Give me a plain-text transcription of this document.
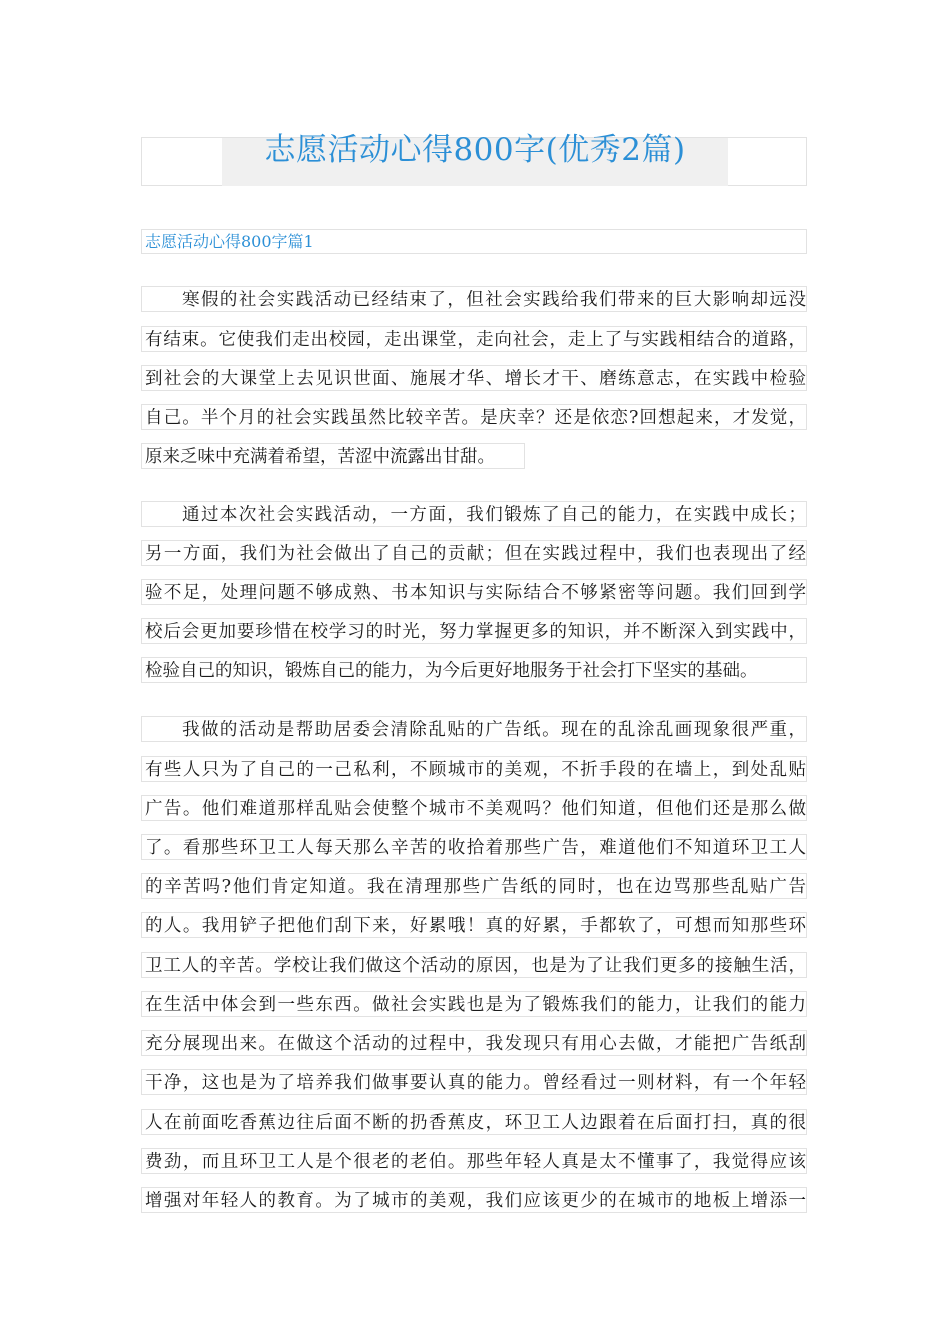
志愿活动心得800字(优秀2篇)
志愿活动心得800字篇1
寒假的社会实践活动已经结束了，但社会实践给我们带来的巨大影响却远没
有结束。它使我们走出校园，走出课堂，走向社会，走上了与实践相结合的道路，
到社会的大课堂上去见识世面、施展才华、增长才干、磨练意志，在实践中检验
自己。半个月的社会实践虽然比较辛苦。是庆幸？还是依恋?回想起来，才发觉，
原来乏味中充满着希望，苦涩中流露出甘甜。
通过本次社会实践活动，一方面，我们锻炼了自己的能力，在实践中成长；
另一方面，我们为社会做出了自己的贡献；但在实践过程中，我们也表现出了经
验不足，处理问题不够成熟、书本知识与实际结合不够紧密等问题。我们回到学
校后会更加要珍惜在校学习的时光，努力掌握更多的知识，并不断深入到实践中，
检验自己的知识，锻炼自己的能力，为今后更好地服务于社会打下坚实的基础。
我做的活动是帮助居委会清除乱贴的广告纸。现在的乱涂乱画现象很严重，
有些人只为了自己的一己私利，不顾城市的美观，不折手段的在墙上，到处乱贴
广告。他们难道那样乱贴会使整个城市不美观吗？他们知道，但他们还是那么做
了。看那些环卫工人每天那么辛苦的收拾着那些广告，难道他们不知道环卫工人
的辛苦吗?他们肯定知道。我在清理那些广告纸的同时，也在边骂那些乱贴广告
的人。我用铲子把他们刮下来，好累哦！真的好累，手都软了，可想而知那些环
卫工人的辛苦。学校让我们做这个活动的原因，也是为了让我们更多的接触生活，
在生活中体会到一些东西。做社会实践也是为了锻炼我们的能力，让我们的能力
充分展现出来。在做这个活动的过程中，我发现只有用心去做，才能把广告纸刮
干净，这也是为了培养我们做事要认真的能力。曾经看过一则材料，有一个年轻
人在前面吃香蕉边往后面不断的扔香蕉皮，环卫工人边跟着在后面打扫，真的很
费劲，而且环卫工人是个很老的老伯。那些年轻人真是太不懂事了，我觉得应该
增强对年轻人的教育。为了城市的美观，我们应该更少的在城市的地板上增添一
